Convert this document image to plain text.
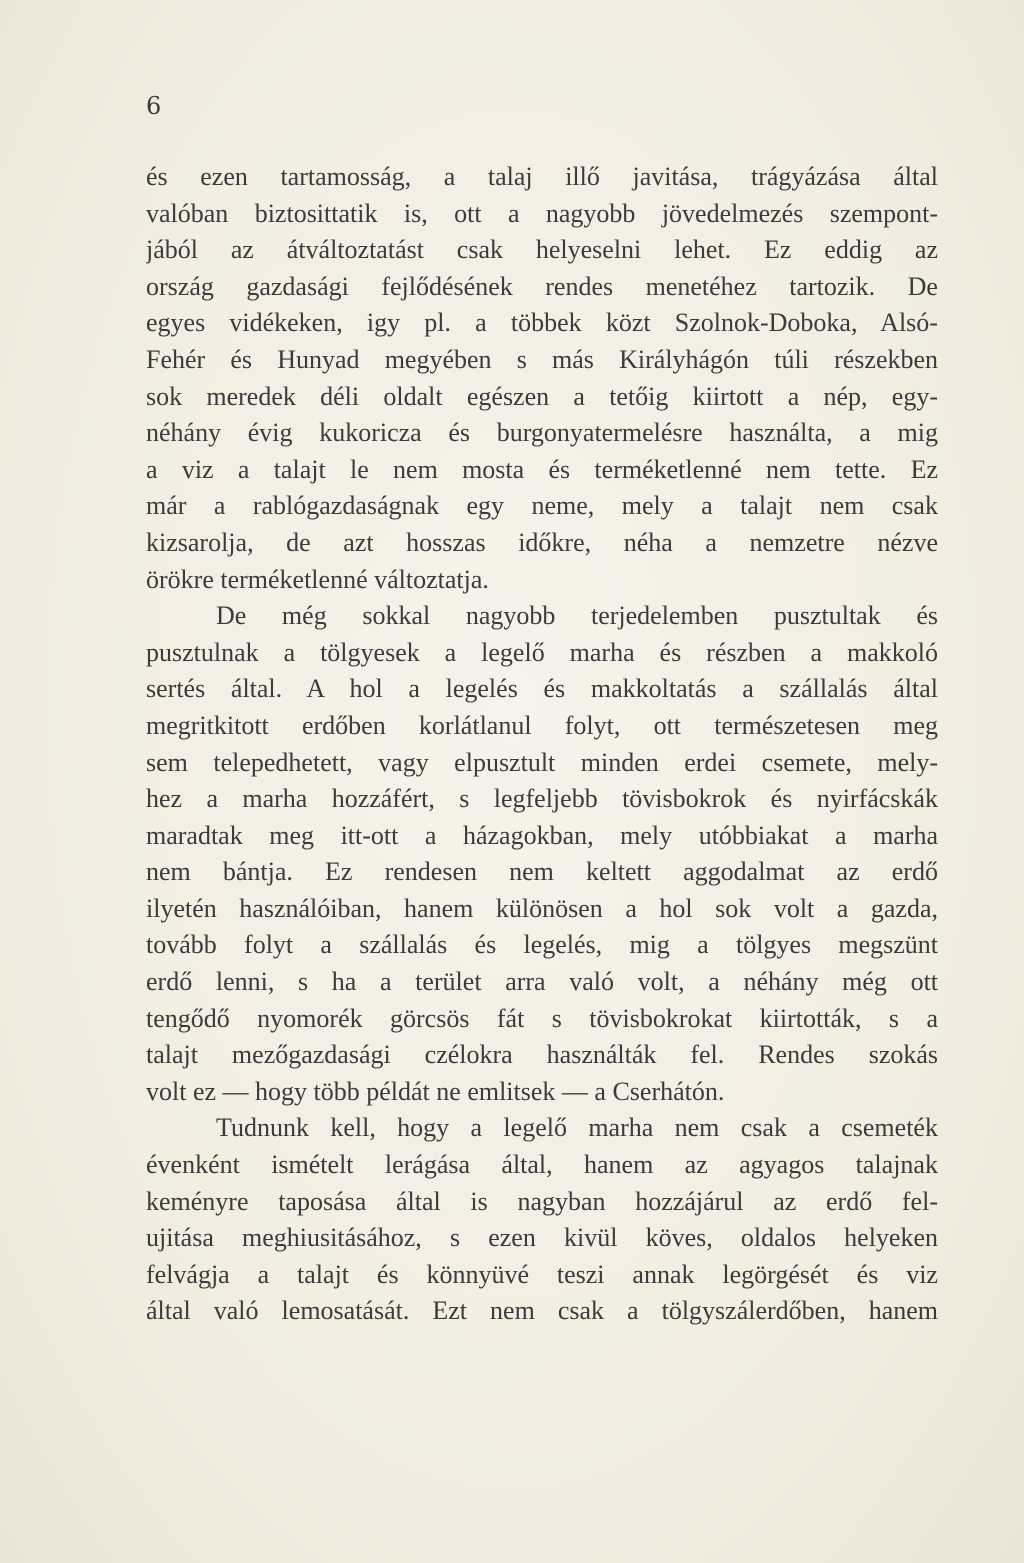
6
és ezen tartamosság, a talaj illő javitása, trágyázása által
valóban biztosittatik is, ott a nagyobb jövedelmezés szempont-
jából az átváltoztatást csak helyeselni lehet. Ez eddig az
ország gazdasági fejlődésének rendes menetéhez tartozik. De
egyes vidékeken, igy pl. a többek közt Szolnok-Doboka, Alsó-
Fehér és Hunyad megyében s más Királyhágón túli részekben
sok meredek déli oldalt egészen a tetőig kiirtott a nép, egy-
néhány évig kukoricza és burgonyatermelésre használta, a mig
a viz a talajt le nem mosta és terméketlenné nem tette. Ez
már a rablógazdaságnak egy neme, mely a talajt nem csak
kizsarolja, de azt hosszas időkre, néha a nemzetre nézve
örökre terméketlenné változtatja.
De még sokkal nagyobb terjedelemben pusztultak és
pusztulnak a tölgyesek a legelő marha és részben a makkoló
sertés által. A hol a legelés és makkoltatás a szállalás által
megritkitott erdőben korlátlanul folyt, ott természetesen meg
sem telepedhetett, vagy elpusztult minden erdei csemete, mely-
hez a marha hozzáfért, s legfeljebb tövisbokrok és nyirfácskák
maradtak meg itt-ott a házagokban, mely utóbbiakat a marha
nem bántja. Ez rendesen nem keltett aggodalmat az erdő
ilyetén használóiban, hanem különösen a hol sok volt a gazda,
tovább folyt a szállalás és legelés, mig a tölgyes megszünt
erdő lenni, s ha a terület arra való volt, a néhány még ott
tengődő nyomorék görcsös fát s tövisbokrokat kiirtották, s a
talajt mezőgazdasági czélokra használták fel. Rendes szokás
volt ez — hogy több példát ne emlitsek — a Cserhátón.
Tudnunk kell, hogy a legelő marha nem csak a csemeték
évenként ismételt lerágása által, hanem az agyagos talajnak
keményre taposása által is nagyban hozzájárul az erdő fel-
ujitása meghiusitásához, s ezen kivül köves, oldalos helyeken
felvágja a talajt és könnyüvé teszi annak legörgését és viz
által való lemosatását. Ezt nem csak a tölgyszálerdőben, hanem
